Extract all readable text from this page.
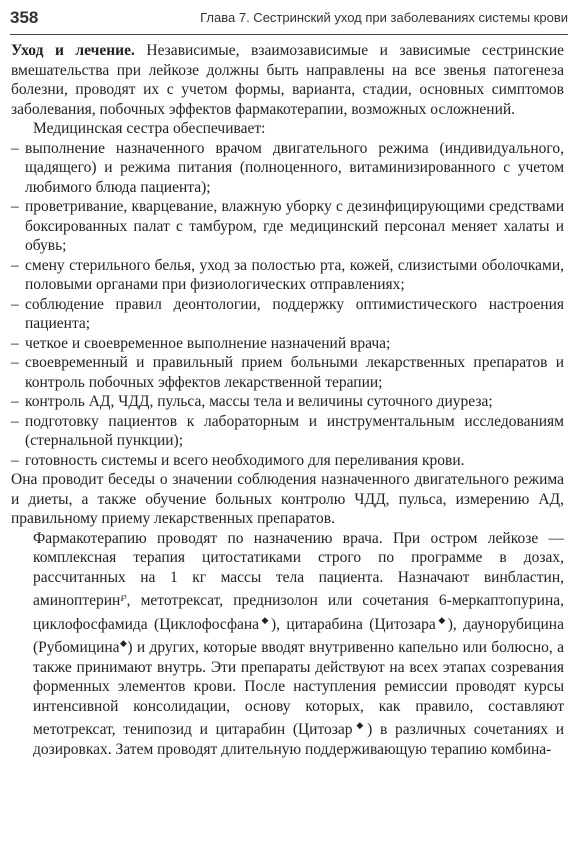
358	Глава 7. Сестринский уход при заболеваниях системы крови

Уход и лечение. Независимые, взаимозависимые и зависимые сестринские вмешательства при лейкозе должны быть направлены на все звенья патогенеза болезни, проводят их с учетом формы, варианта, стадии, основных симптомов заболевания, побочных эффектов фармакотерапии, возможных осложнений.

Медицинская сестра обеспечивает:

– выполнение назначенного врачом двигательного режима (индивидуального, щадящего) и режима питания (полноценного, витаминизированного с учетом любимого блюда пациента);
– проветривание, кварцевание, влажную уборку с дезинфицирующими средствами боксированных палат с тамбуром, где медицинский персонал меняет халаты и обувь;
– смену стерильного белья, уход за полостью рта, кожей, слизистыми оболочками, половыми органами при физиологических отправлениях;
– соблюдение правил деонтологии, поддержку оптимистического настроения пациента;
– четкое и своевременное выполнение назначений врача;
– своевременный и правильный прием больными лекарственных препаратов и контроль побочных эффектов лекарственной терапии;
– контроль АД, ЧДД, пульса, массы тела и величины суточного диуреза;
– подготовку пациентов к лабораторным и инструментальным исследованиям (стернальной пункции);
– готовность системы и всего необходимого для переливания крови.

Она проводит беседы о значении соблюдения назначенного двигательного режима и диеты, а также обучение больных контролю ЧДД, пульса, измерению АД, правильному приему лекарственных препаратов.

Фармакотерапию проводят по назначению врача. При остром лейкозе — комплексная терапия цитостатиками строго по программе в дозах, рассчитанных на 1 кг массы тела пациента. Назначают винбластин, аминоптерин℘, метотрексат, преднизолон или сочетания 6-меркаптопурина, циклофосфамида (Циклофосфана◆), цитарабина (Цитозара◆), даунорубицина (Рубомицина◆) и других, которые вводят внутривенно капельно или болюсно, а также принимают внутрь. Эти препараты действуют на всех этапах созревания форменных элементов крови. После наступления ремиссии проводят курсы интенсивной консолидации, основу которых, как правило, составляют метотрексат, тенипозид и цитарабин (Цитозар◆) в различных сочетаниях и дозировках. Затем проводят длительную поддерживающую терапию комбина-
